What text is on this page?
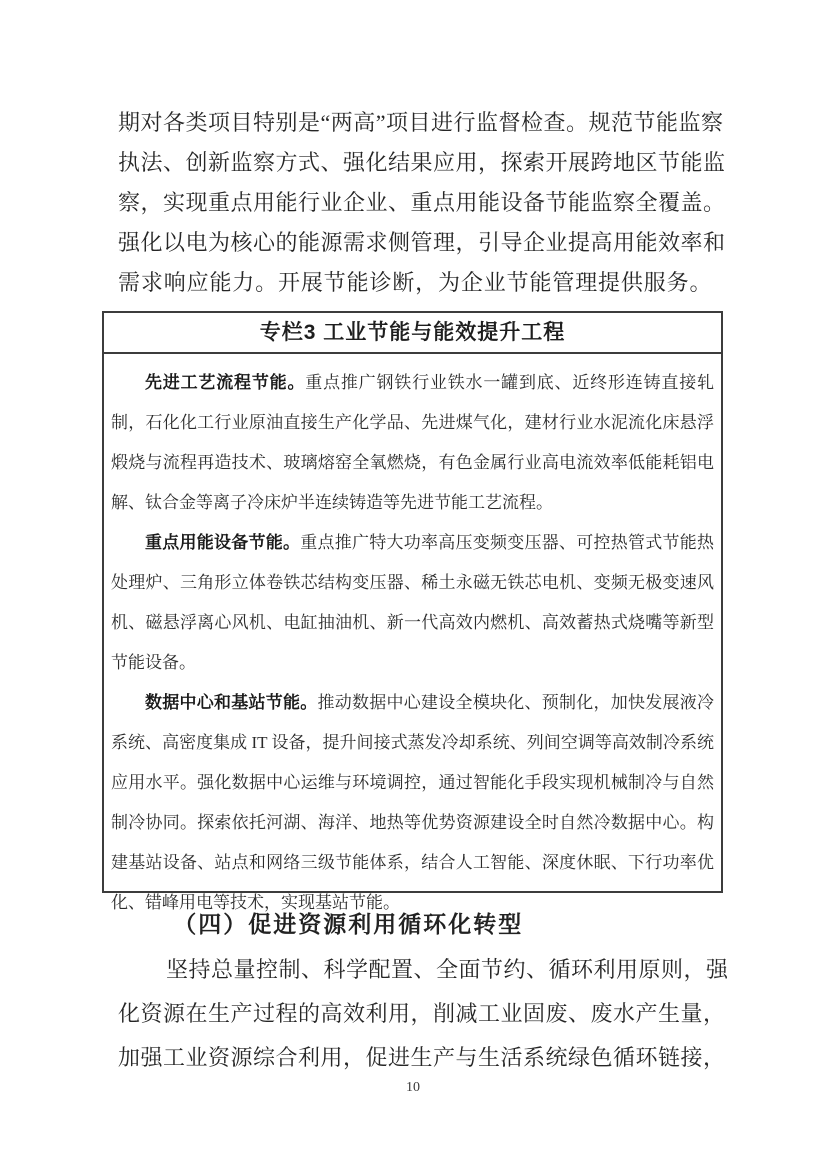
期对各类项目特别是“两高”项目进行监督检查。规范节能监察
执法、创新监察方式、强化结果应用，探索开展跨地区节能监
察，实现重点用能行业企业、重点用能设备节能监察全覆盖。
强化以电为核心的能源需求侧管理，引导企业提高用能效率和
需求响应能力。开展节能诊断，为企业节能管理提供服务。
专栏3 工业节能与能效提升工程

先进工艺流程节能。重点推广钢铁行业铁水一罐到底、近终形连铸直接轧制，石化化工行业原油直接生产化学品、先进煤气化，建材行业水泥流化床悬浮煅烧与流程再造技术、玻璃熔窑全氧燃烧，有色金属行业高电流效率低能耗铝电解、钛合金等离子冷床炉半连续铸造等先进节能工艺流程。

重点用能设备节能。重点推广特大功率高压变频变压器、可控热管式节能热处理炉、三角形立体卷铁芯结构变压器、稀土永磁无铁芯电机、变频无极变速风机、磁悬浮离心风机、电缸抽油机、新一代高效内燃机、高效蓄热式烧嘴等新型节能设备。

数据中心和基站节能。推动数据中心建设全模块化、预制化，加快发展液冷系统、高密度集成 IT 设备，提升间接式蒸发冷却系统、列间空调等高效制冷系统应用水平。强化数据中心运维与环境调控，通过智能化手段实现机械制冷与自然制冷协同。探索依托河湖、海洋、地热等优势资源建设全时自然冷数据中心。构建基站设备、站点和网络三级节能体系，结合人工智能、深度休眠、下行功率优化、错峰用电等技术，实现基站节能。

（四）促进资源利用循环化转型
坚持总量控制、科学配置、全面节约、循环利用原则，强
化资源在生产过程的高效利用，削减工业固废、废水产生量，
加强工业资源综合利用，促进生产与生活系统绿色循环链接，
10
